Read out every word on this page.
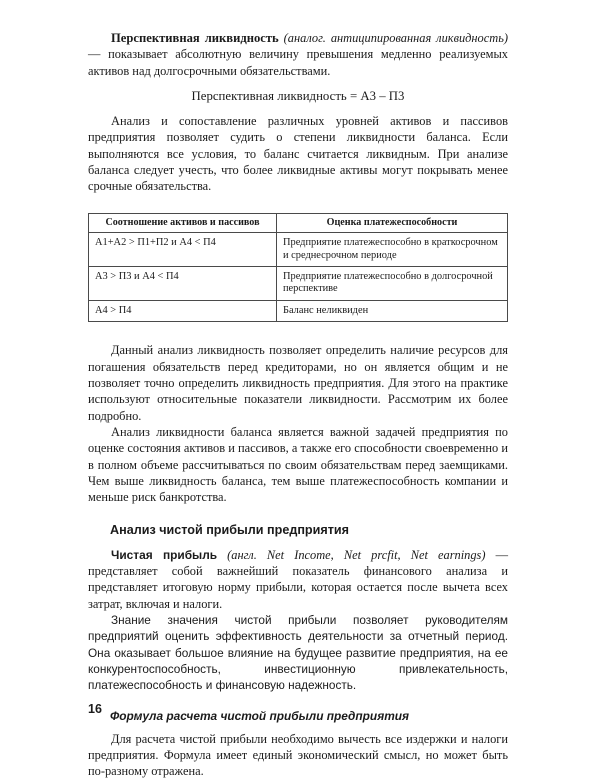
Перспективная ликвидность (аналог. антиципированная ликвидность) — показывает абсолютную величину превышения медленно реализуемых активов над долгосрочными обязательствами.

Перспективная ликвидность = А3 – П3

Анализ и сопоставление различных уровней активов и пассивов предприятия позволяет судить о степени ликвидности баланса. Если выполняются все условия, то баланс считается ликвидным. При анализе баланса следует учесть, что более ликвидные активы могут покрывать менее срочные обязательства.

Соотношение активов и пассивов	Оценка платежеспособности
А1+А2 > П1+П2 и А4 < П4	Предприятие платежеспособно в краткосрочном и среднесрочном периоде
А3 > П3 и А4 < П4	Предприятие платежеспособно в долгосрочной перспективе
А4 > П4	Баланс неликвиден

Данный анализ ликвидность позволяет определить наличие ресурсов для погашения обязательств перед кредиторами, но он является общим и не позволяет точно определить ликвидность предприятия. Для этого на практике используют относительные показатели ликвидности. Рассмотрим их более подробно.

Анализ ликвидности баланса является важной задачей предприятия по оценке состояния активов и пассивов, а также его способности своевременно и в полном объеме рассчитываться по своим обязательствам перед заемщиками. Чем выше ликвидность баланса, тем выше платежеспособность компании и меньше риск банкротства.

Анализ чистой прибыли предприятия

Чистая прибыль (англ. Net Income, Net prcfit, Net earnings) — представляет собой важнейший показатель финансового анализа и представляет итоговую норму прибыли, которая остается после вычета всех затрат, включая и налоги.

Знание значения чистой прибыли позволяет руководителям предприятий оценить эффективность деятельности за отчетный период. Она оказывает большое влияние на будущее развитие предприятия, на ее конкурентоспособность, инвестиционную привлекательность, платежеспособность и финансовую надежность.

Формула расчета чистой прибыли предприятия

Для расчета чистой прибыли необходимо вычесть все издержки и налоги предприятия. Формула имеет единый экономический смысл, но может быть по-разному отражена.

16
